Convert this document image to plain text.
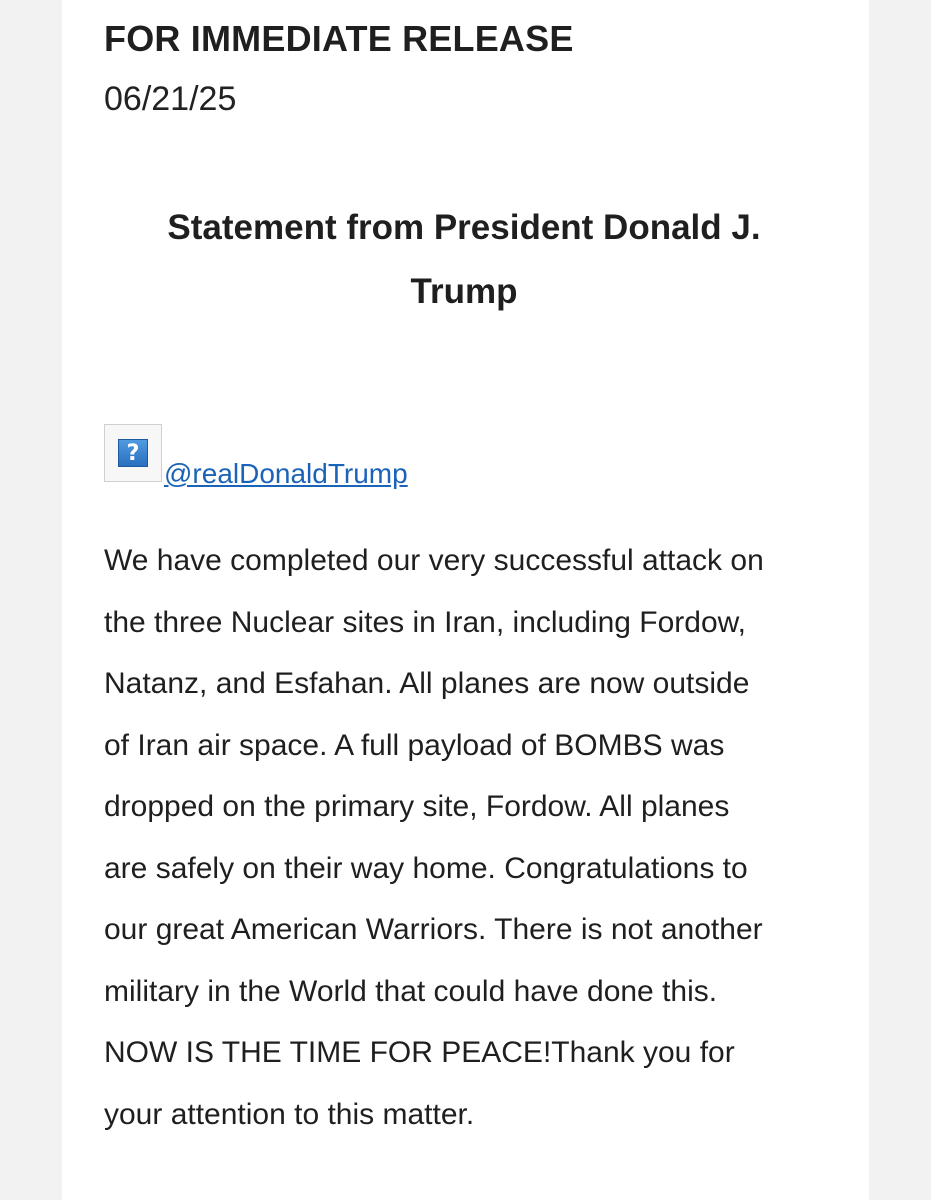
FOR IMMEDIATE RELEASE
06/21/25
Statement from President Donald J.
Trump
?
@realDonaldTrump
We have completed our very successful attack on
the three Nuclear sites in Iran, including Fordow,
Natanz, and Esfahan. All planes are now outside
of Iran air space. A full payload of BOMBS was
dropped on the primary site, Fordow. All planes
are safely on their way home. Congratulations to
our great American Warriors. There is not another
military in the World that could have done this.
NOW IS THE TIME FOR PEACE!Thank you for
your attention to this matter.
